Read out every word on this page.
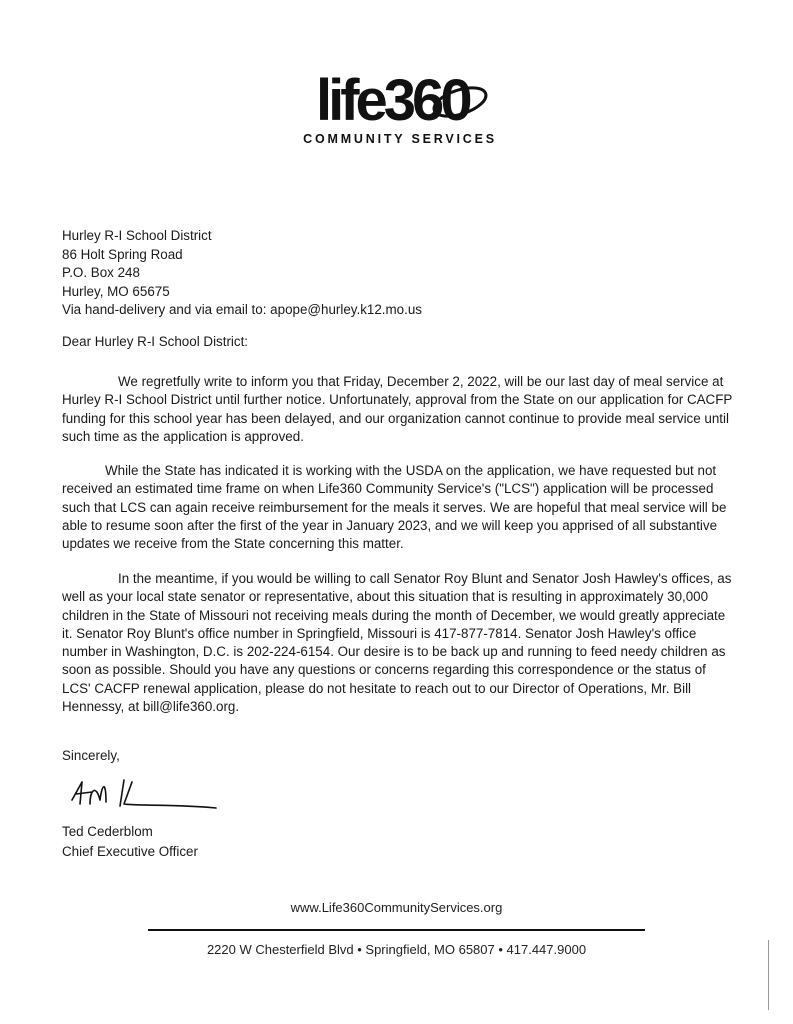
life360
COMMUNITY SERVICES
Hurley R-I School District
86 Holt Spring Road
P.O. Box 248
Hurley, MO 65675
Via hand-delivery and via email to: apope@hurley.k12.mo.us
Dear Hurley R-I School District:
We regretfully write to inform you that Friday, December 2, 2022, will be our last day of meal service at Hurley R-I School District until further notice. Unfortunately, approval from the State on our application for CACFP funding for this school year has been delayed, and our organization cannot continue to provide meal service until such time as the application is approved.
While the State has indicated it is working with the USDA on the application, we have requested but not received an estimated time frame on when Life360 Community Service's ("LCS") application will be processed such that LCS can again receive reimbursement for the meals it serves. We are hopeful that meal service will be able to resume soon after the first of the year in January 2023, and we will keep you apprised of all substantive updates we receive from the State concerning this matter.
In the meantime, if you would be willing to call Senator Roy Blunt and Senator Josh Hawley's offices, as well as your local state senator or representative, about this situation that is resulting in approximately 30,000 children in the State of Missouri not receiving meals during the month of December, we would greatly appreciate it. Senator Roy Blunt's office number in Springfield, Missouri is 417-877-7814. Senator Josh Hawley's office number in Washington, D.C. is 202-224-6154. Our desire is to be back up and running to feed needy children as soon as possible. Should you have any questions or concerns regarding this correspondence or the status of LCS' CACFP renewal application, please do not hesitate to reach out to our Director of Operations, Mr. Bill Hennessy, at bill@life360.org.
Sincerely,
Ted Cederblom
Chief Executive Officer
www.Life360CommunityServices.org
2220 W Chesterfield Blvd • Springfield, MO 65807 • 417.447.9000
